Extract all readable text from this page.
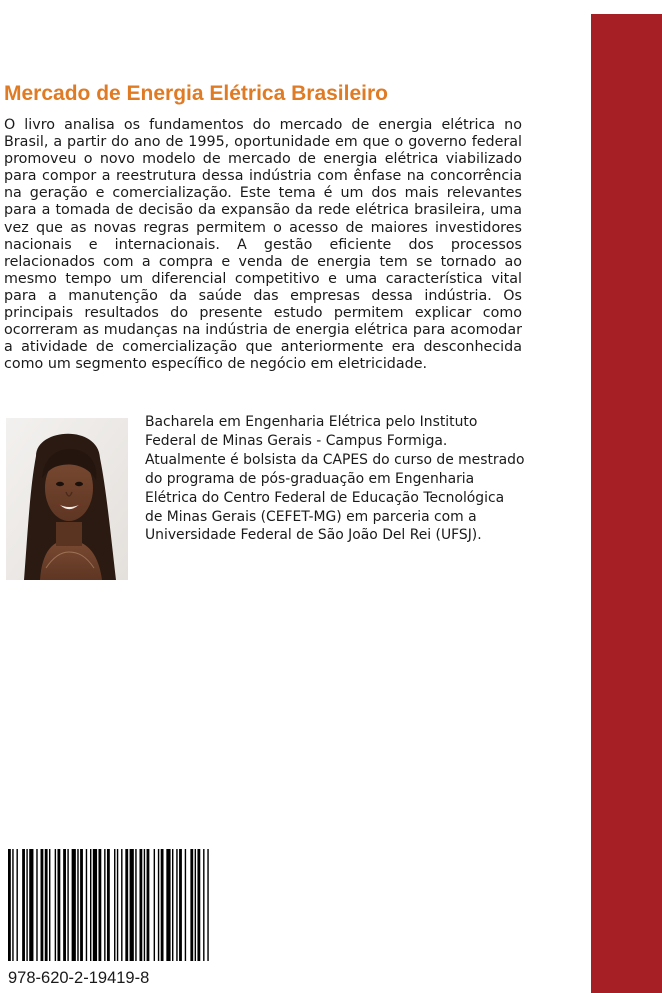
Mercado de Energia Elétrica Brasileiro

O livro analisa os fundamentos do mercado de energia elétrica no Brasil, a partir do ano de 1995, oportunidade em que o governo federal promoveu o novo modelo de mercado de energia elétrica viabilizado para compor a reestrutura dessa indústria com ênfase na concorrência na geração e comercialização. Este tema é um dos mais relevantes para a tomada de decisão da expansão da rede elétrica brasileira, uma vez que as novas regras permitem o acesso de maiores investidores nacionais e internacionais. A gestão eficiente dos processos relacionados com a compra e venda de energia tem se tornado ao mesmo tempo um diferencial competitivo e uma característica vital para a manutenção da saúde das empresas dessa indústria. Os principais resultados do presente estudo permitem explicar como ocorreram as mudanças na indústria de energia elétrica para acomodar a atividade de comercialização que anteriormente era desconhecida como um segmento específico de negócio em eletricidade.

Bacharela em Engenharia Elétrica pelo Instituto Federal de Minas Gerais - Campus Formiga. Atualmente é bolsista da CAPES do curso de mestrado do programa de pós-graduação em Engenharia Elétrica do Centro Federal de Educação Tecnológica de Minas Gerais (CEFET-MG) em parceria com a Universidade Federal de São João Del Rei (UFSJ).

978-620-2-19419-8
